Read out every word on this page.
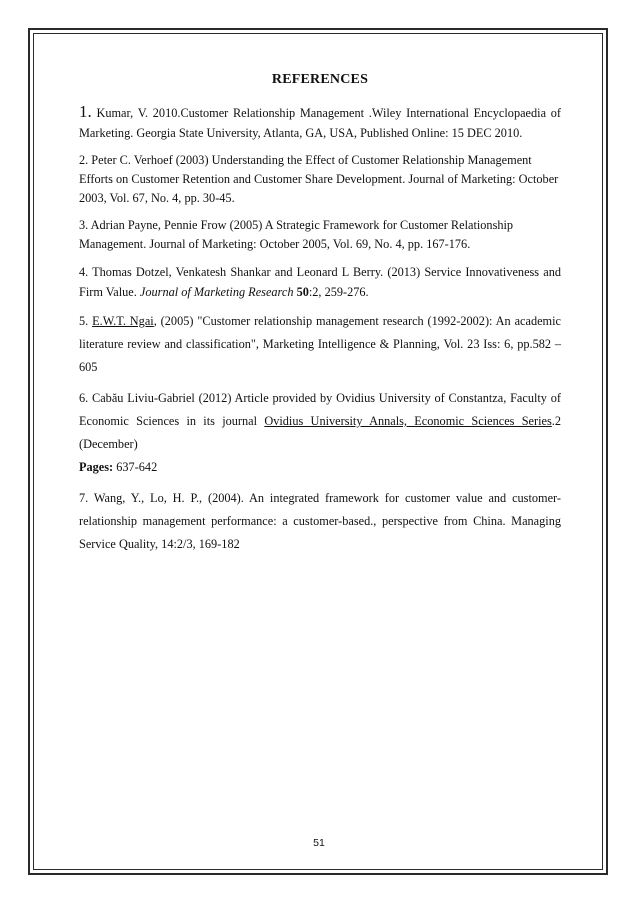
REFERENCES

1. Kumar, V. 2010.Customer Relationship Management .Wiley International Encyclopaedia of Marketing. Georgia State University, Atlanta, GA, USA, Published Online: 15 DEC 2010.

2. Peter C. Verhoef (2003) Understanding the Effect of Customer Relationship Management Efforts on Customer Retention and Customer Share Development. Journal of Marketing: October 2003, Vol. 67, No. 4, pp. 30-45.

3. Adrian Payne, Pennie Frow (2005) A Strategic Framework for Customer Relationship Management. Journal of Marketing: October 2005, Vol. 69, No. 4, pp. 167-176.

4. Thomas Dotzel, Venkatesh Shankar and Leonard L Berry. (2013) Service Innovativeness and Firm Value. Journal of Marketing Research 50:2, 259-276.

5. E.W.T. Ngai, (2005) "Customer relationship management research (1992-2002): An academic literature review and classification", Marketing Intelligence & Planning, Vol. 23 Iss: 6, pp.582 – 605

6. Cabău Liviu-Gabriel (2012) Article provided by Ovidius University of Constantza, Faculty of Economic Sciences in its journal Ovidius University Annals, Economic Sciences Series.2 (December)
Pages: 637-642

7. Wang, Y., Lo, H. P., (2004). An integrated framework for customer value and customer-relationship management performance: a customer-based., perspective from China. Managing Service Quality, 14:2/3, 169-182

51
